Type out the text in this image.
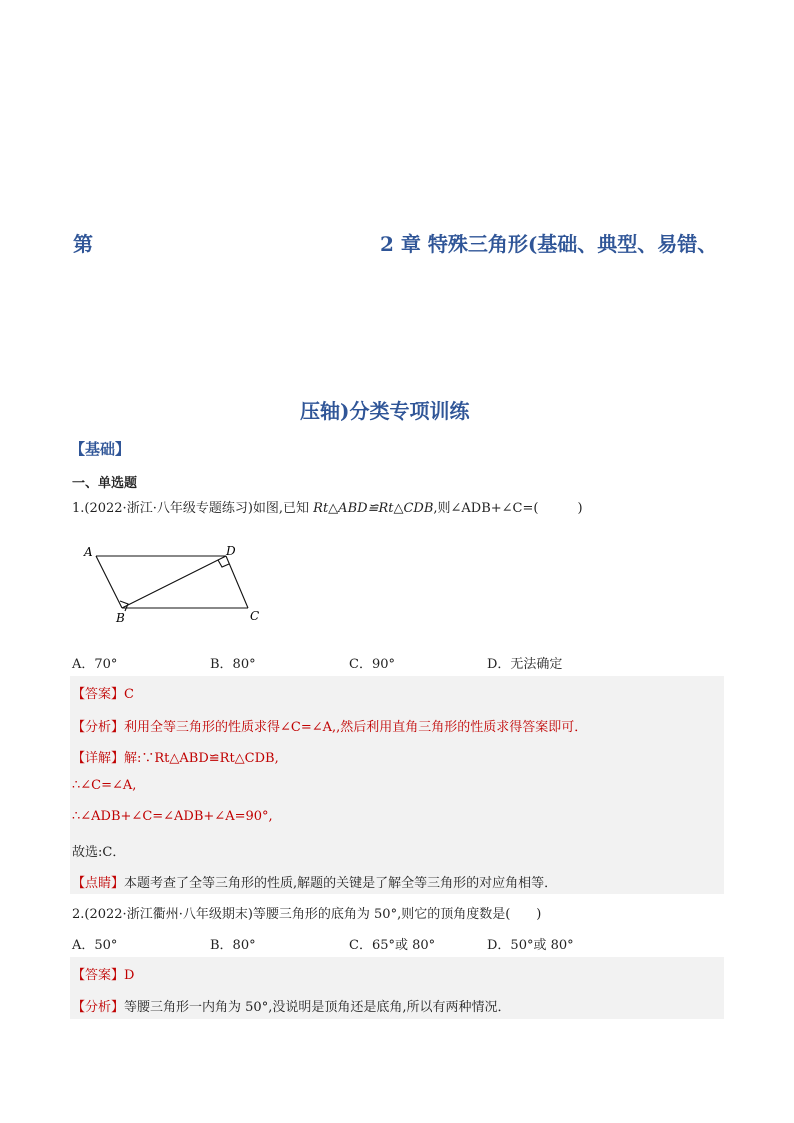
第	2 章 特殊三角形(基础、典型、易错、
压轴)分类专项训练
【基础】
一、单选题
1.(2022·浙江·八年级专题练习)如图,已知 Rt△ABD≌Rt△CDB,则∠ADB+∠C=(　　　)
A	D
B	C
A．70°	B．80°	C．90°	D．无法确定
【答案】C
【分析】利用全等三角形的性质求得∠C=∠A,,然后利用直角三角形的性质求得答案即可．
【详解】解:∵Rt△ABD≌Rt△CDB,
∴∠C=∠A,
∴∠ADB+∠C=∠ADB+∠A=90°,
故选:C．
【点睛】本题考查了全等三角形的性质,解题的关键是了解全等三角形的对应角相等．
2.(2022·浙江衢州·八年级期末)等腰三角形的底角为 50°,则它的顶角度数是(　　)
A．50°	B．80°	C．65°或 80°	D．50°或 80°
【答案】D
【分析】等腰三角形一内角为 50°,没说明是顶角还是底角,所以有两种情况．
